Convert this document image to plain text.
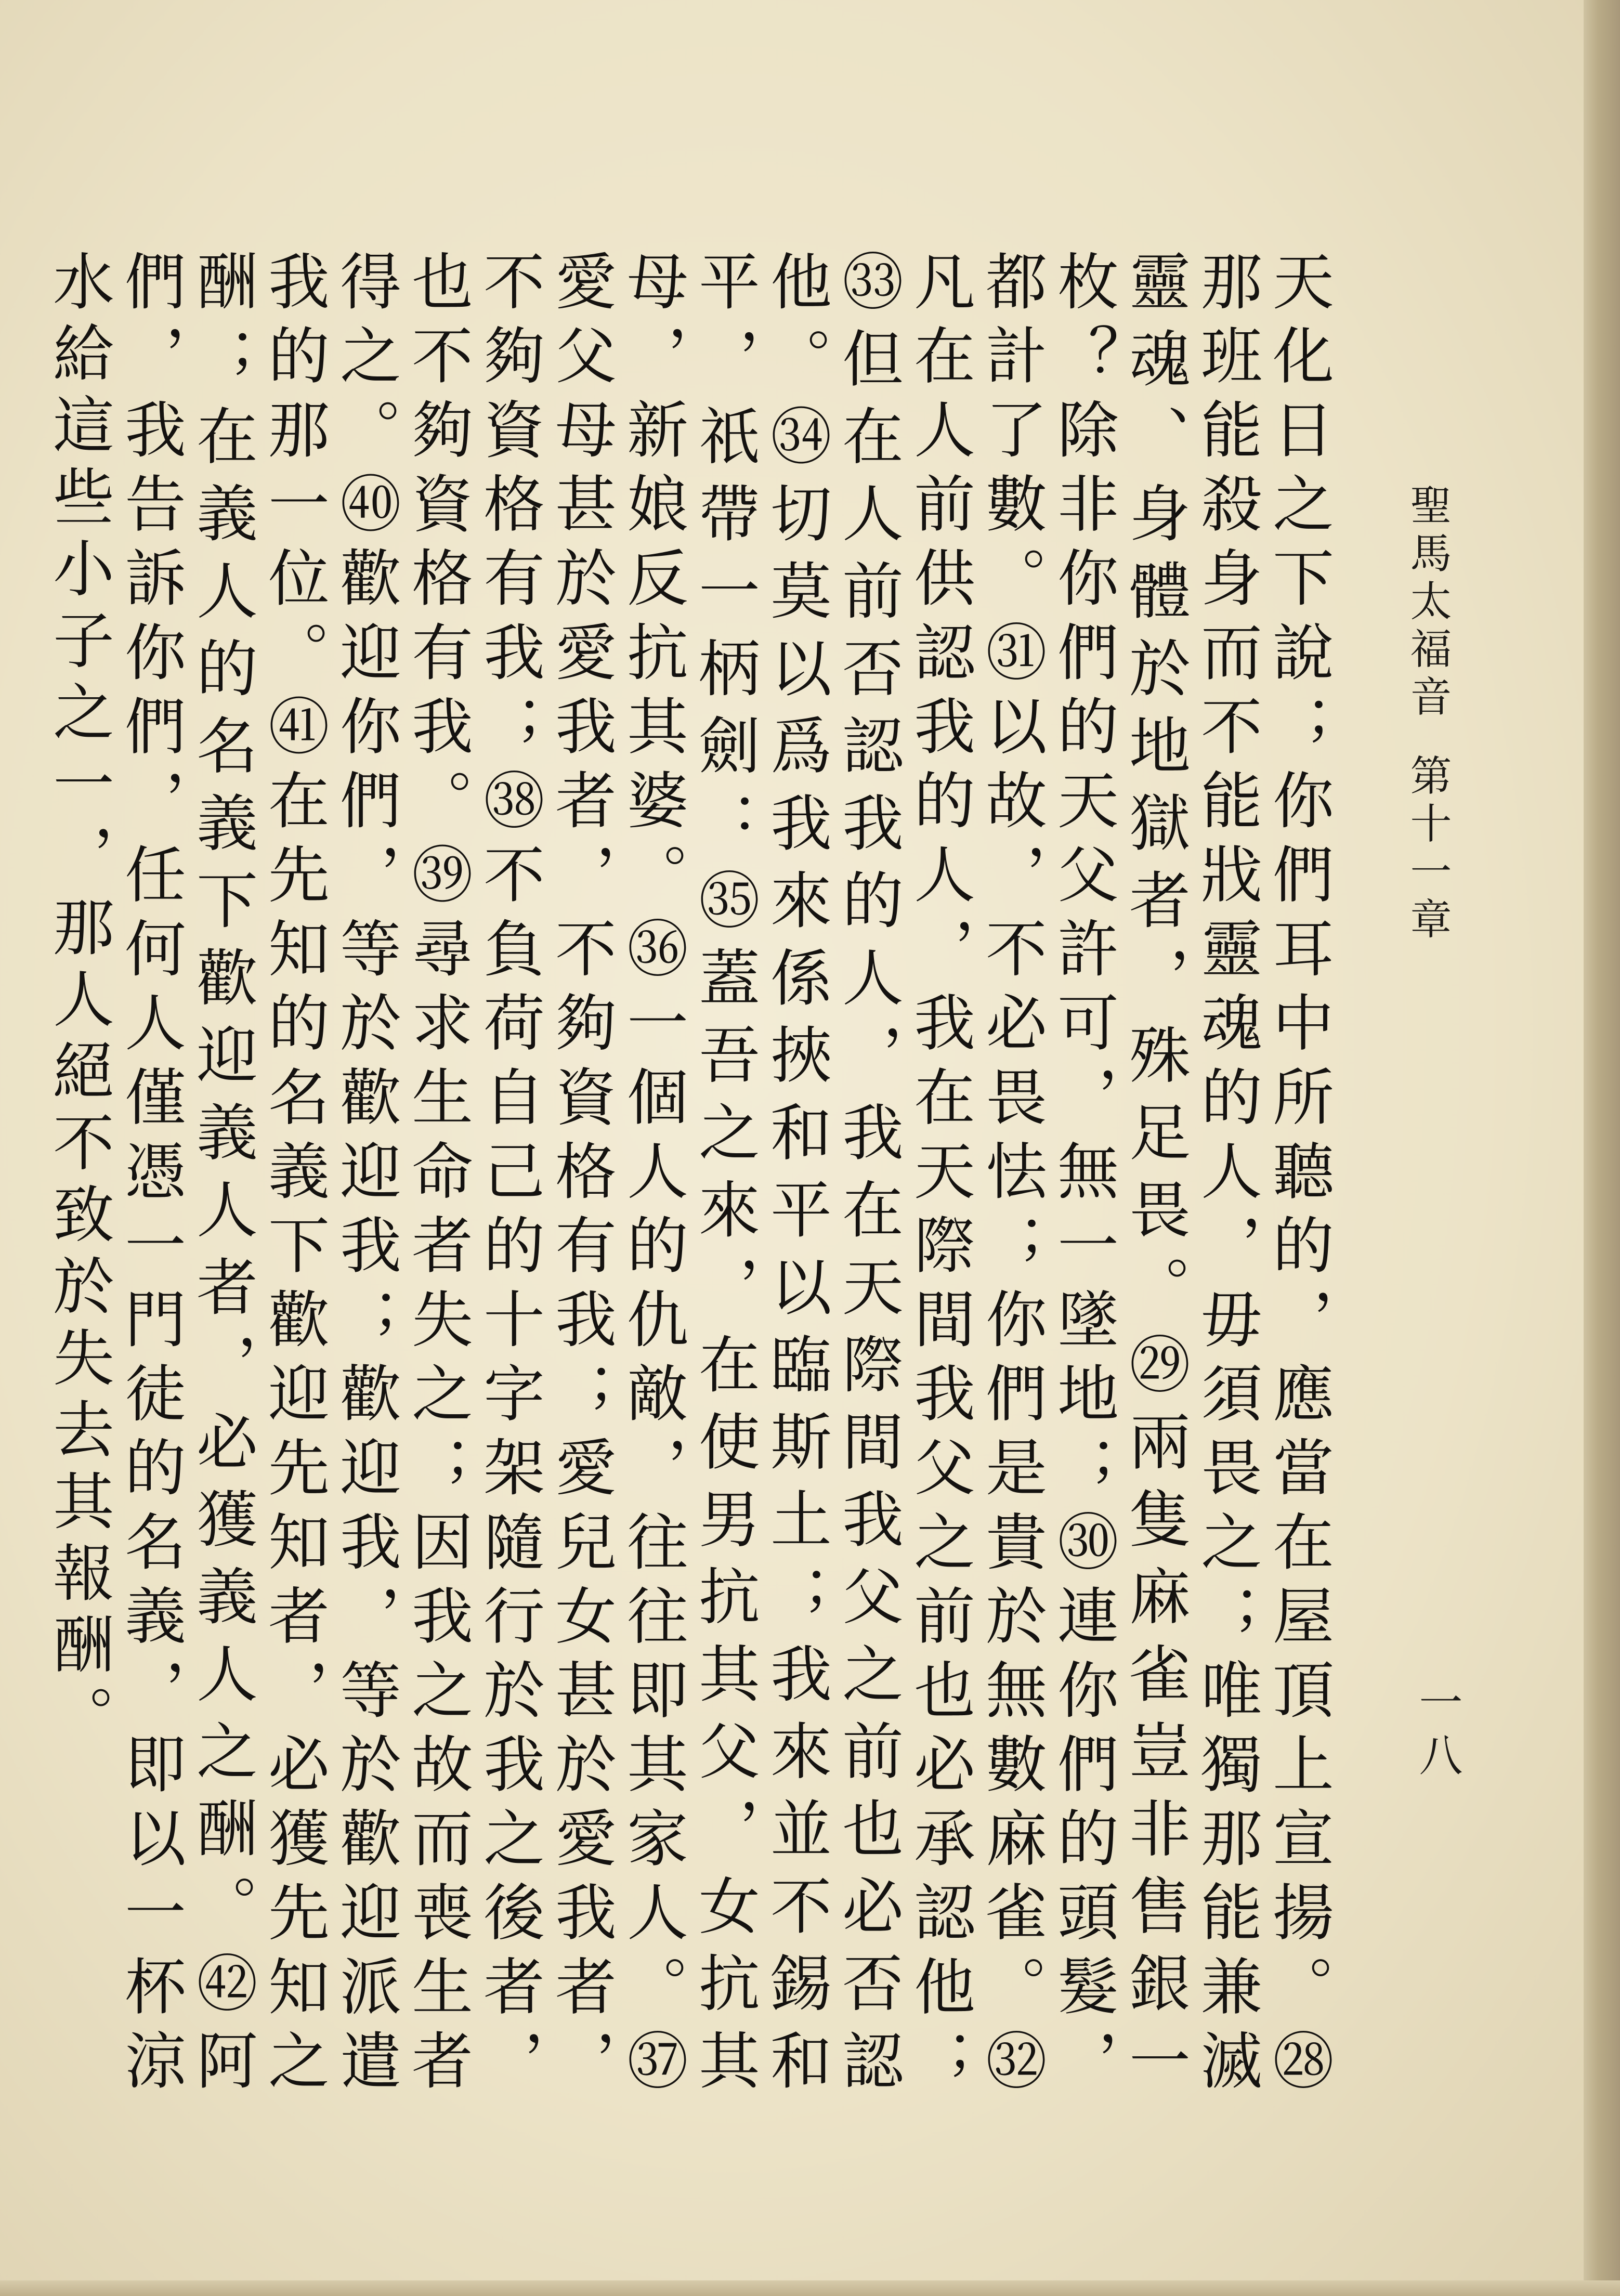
聖馬太福音
第十一章
一八

天化日之下說；你們耳中所聽的，應當在屋頂上宣揚。㉘那班能殺身而不能戕靈魂的人，毋須畏之；唯獨那能兼滅靈魂、身體於地獄者，殊足畏。㉙兩隻麻雀豈非售銀一枚？除非你們的天父許可，無一墜地；㉚連你們的頭髮，都計了數。㉛以故，不必畏怯；你們是貴於無數麻雀。㉜凡在人前供認我的人，我在天際間我父之前也必承認他；㉝但在人前否認我的人，我在天際間我父之前也必否認他。㉞切莫以爲我來係挾和平以臨斯土；我來並不錫和平，祇帶一柄劍：㉟蓋吾之來，在使男抗其父，女抗其母，新娘反抗其婆。㊱一個人的仇敵，往往即其家人。㊲愛父母甚於愛我者，不夠資格有我；愛兒女甚於愛我者，不夠資格有我；㊳不負荷自己的十字架隨行於我之後者，也不夠資格有我。㊴尋求生命者失之；因我之故而喪生者得之。㊵歡迎你們，等於歡迎我；歡迎我，等於歡迎派遣我的那一位。㊶在先知的名義下歡迎先知者，必獲先知之酬；在義人的名義下歡迎義人者，必獲義人之酬。㊷阿們，我告訴你們，任何人僅憑一門徒的名義，即以一杯涼水給這些小子之一，那人絕不致於失去其報酬。
